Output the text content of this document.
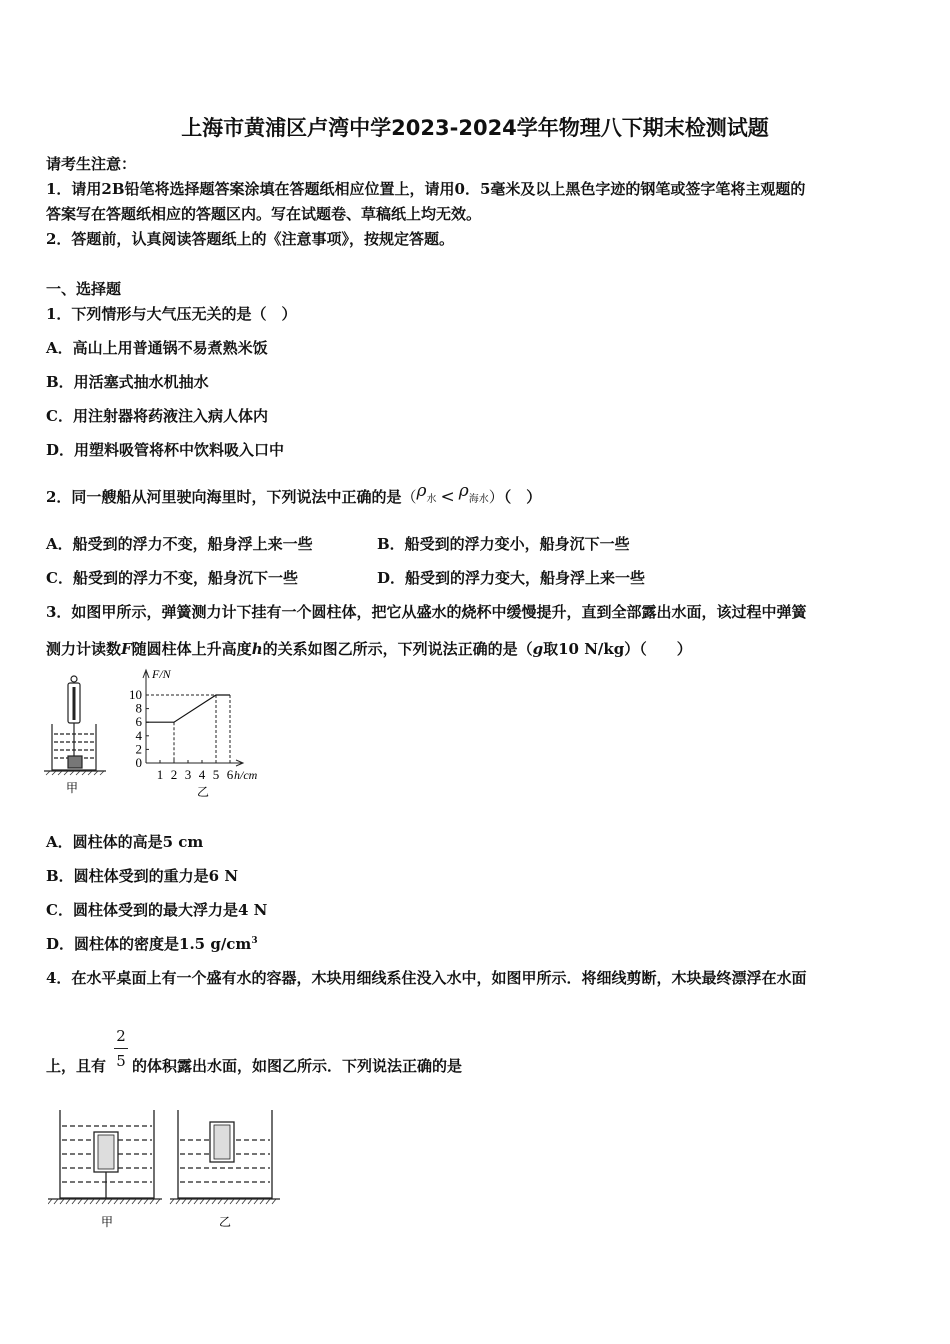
上海市黄浦区卢湾中学2023-2024学年物理八下期末检测试题
请考生注意：
1．请用2B铅笔将选择题答案涂填在答题纸相应位置上，请用0．5毫米及以上黑色字迹的钢笔或签字笔将主观题的
答案写在答题纸相应的答题区内。写在试题卷、草稿纸上均无效。
2．答题前，认真阅读答题纸上的《注意事项》，按规定答题。
一、选择题
1．下列情形与大气压无关的是（　）
A．高山上用普通锅不易煮熟米饭
B．用活塞式抽水机抽水
C．用注射器将药液注入病人体内
D．用塑料吸管将杯中饮料吸入口中
2．同一艘船从河里驶向海里时，下列说法中正确的是（ρ水 < ρ海水）（　）
A．船受到的浮力不变，船身浮上来一些	B．船受到的浮力变小，船身沉下一些
C．船受到的浮力不变，船身沉下一些	D．船受到的浮力变大，船身浮上来一些
3．如图甲所示，弹簧测力计下挂有一个圆柱体，把它从盛水的烧杯中缓慢提升，直到全部露出水面，该过程中弹簧
测力计读数F随圆柱体上升高度h的关系如图乙所示，下列说法正确的是（g取10 N/kg）（　　）
甲
F/N
h/cm
0
2
4
6
8
10
1 2 3 4 5 6
乙
A．圆柱体的高是5 cm
B．圆柱体受到的重力是6 N
C．圆柱体受到的最大浮力是4 N
D．圆柱体的密度是1.5 $g/cm^3$
4．在水平桌面上有一个盛有水的容器，木块用细线系住没入水中，如图甲所示．将细线剪断，木块最终漂浮在水面
上，且有
2
5 的体积露出水面，如图乙所示．下列说法正确的是
甲	乙
